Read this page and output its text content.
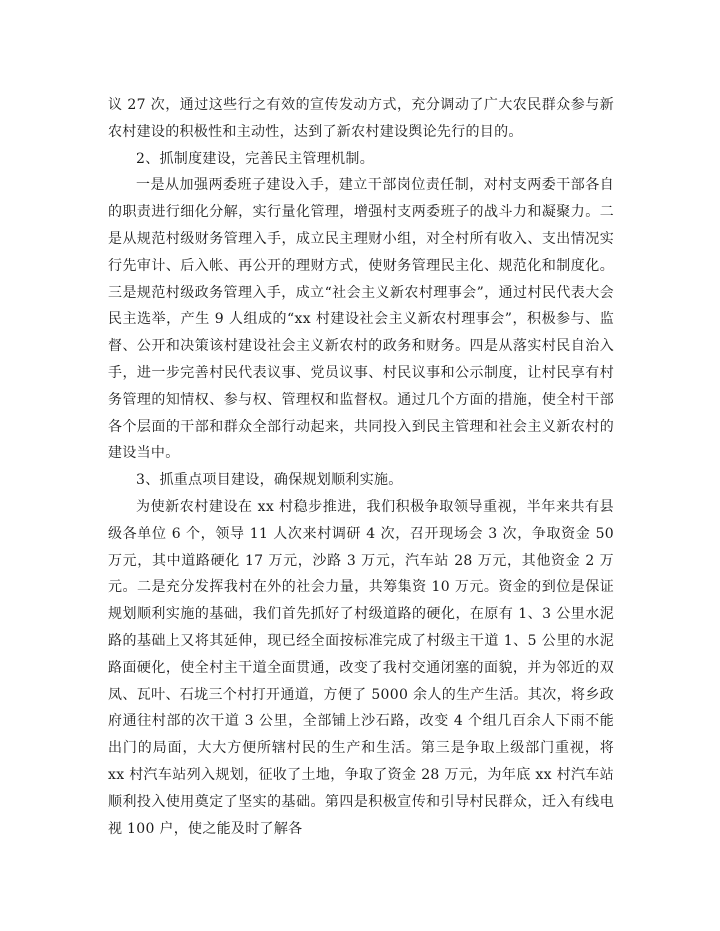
议 27 次，通过这些行之有效的宣传发动方式，充分调动了广大农民群众参与新农村建设的积极性和主动性，达到了新农村建设舆论先行的目的。

2、抓制度建设，完善民主管理机制。

一是从加强两委班子建设入手，建立干部岗位责任制，对村支两委干部各自的职责进行细化分解，实行量化管理，增强村支两委班子的战斗力和凝聚力。二是从规范村级财务管理入手，成立民主理财小组，对全村所有收入、支出情况实行先审计、后入帐、再公开的理财方式，使财务管理民主化、规范化和制度化。三是规范村级政务管理入手，成立“社会主义新农村理事会”，通过村民代表大会民主选举，产生 9 人组成的“xx 村建设社会主义新农村理事会”，积极参与、监督、公开和决策该村建设社会主义新农村的政务和财务。四是从落实村民自治入手，进一步完善村民代表议事、党员议事、村民议事和公示制度，让村民享有村务管理的知情权、参与权、管理权和监督权。通过几个方面的措施，使全村干部各个层面的干部和群众全部行动起来，共同投入到民主管理和社会主义新农村的建设当中。

3、抓重点项目建设，确保规划顺利实施。

为使新农村建设在 xx 村稳步推进，我们积极争取领导重视，半年来共有县级各单位 6 个，领导 11 人次来村调研 4 次，召开现场会 3 次，争取资金 50 万元，其中道路硬化 17 万元，沙路 3 万元，汽车站 28 万元，其他资金 2 万元。二是充分发挥我村在外的社会力量，共筹集资 10 万元。资金的到位是保证规划顺利实施的基础，我们首先抓好了村级道路的硬化，在原有 1、3 公里水泥路的基础上又将其延伸，现已经全面按标准完成了村级主干道 1、5 公里的水泥路面硬化，使全村主干道全面贯通，改变了我村交通闭塞的面貌，并为邻近的双凤、瓦叶、石垅三个村打开通道，方便了 5000 余人的生产生活。其次，将乡政府通往村部的次干道 3 公里，全部铺上沙石路，改变 4 个组几百余人下雨不能出门的局面，大大方便所辖村民的生产和生活。第三是争取上级部门重视，将 xx 村汽车站列入规划，征收了土地，争取了资金 28 万元，为年底 xx 村汽车站顺利投入使用奠定了坚实的基础。第四是积极宣传和引导村民群众，迁入有线电视 100 户，使之能及时了解各
